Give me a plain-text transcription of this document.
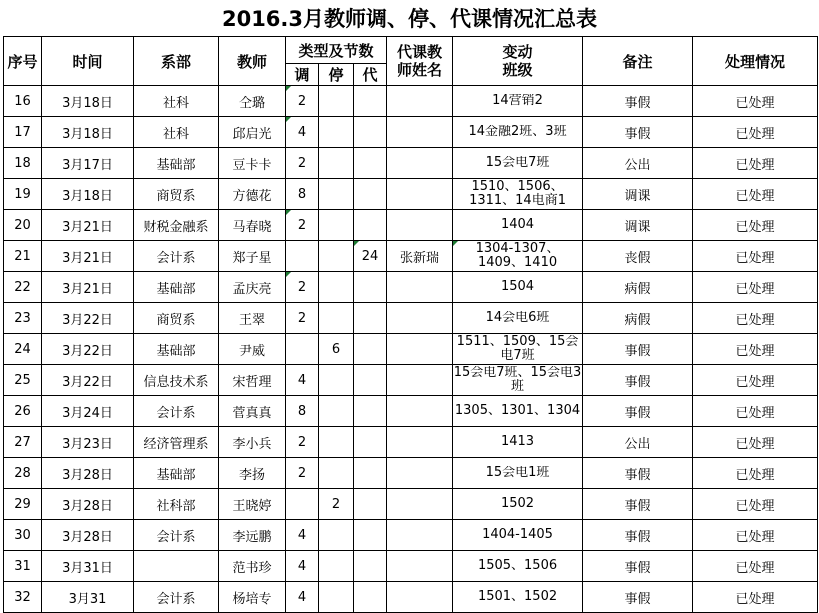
2016.3月教师调、停、代课情况汇总表
序号	时间	系部	教师	类型及节数			代课教师姓名	变动班级	备注	处理情况
				调	停	代				
16	3月18日	社科	仝璐	2				14营销2	事假	已处理
17	3月18日	社科	邱启光	4				14金融2班、3班	事假	已处理
18	3月17日	基础部	豆卡卡	2				15会电7班	公出	已处理
19	3月18日	商贸系	方德花	8				1510、1506、1311、14电商1	调课	已处理
20	3月21日	财税金融系	马春晓	2				1404	调课	已处理
21	3月21日	会计系	郑子星			24	张新瑞	1304-1307、1409、1410	丧假	已处理
22	3月21日	基础部	孟庆亮	2				1504	病假	已处理
23	3月22日	商贸系	王翠	2				14会电6班	病假	已处理
24	3月22日	基础部	尹威		6			1511、1509、15会电7班	事假	已处理
25	3月22日	信息技术系	宋哲理	4				15会电7班、15会电3班	事假	已处理
26	3月24日	会计系	菅真真	8				1305、1301、1304	事假	已处理
27	3月23日	经济管理系	李小兵	2				1413	公出	已处理
28	3月28日	基础部	李扬	2				15会电1班	事假	已处理
29	3月28日	社科部	王晓婷		2			1502	事假	已处理
30	3月28日	会计系	李远鹏	4				1404-1405	事假	已处理
31	3月31日		范书珍	4				1505、1506	事假	已处理
32	3月31	会计系	杨培专	4				1501、1502	事假	已处理
